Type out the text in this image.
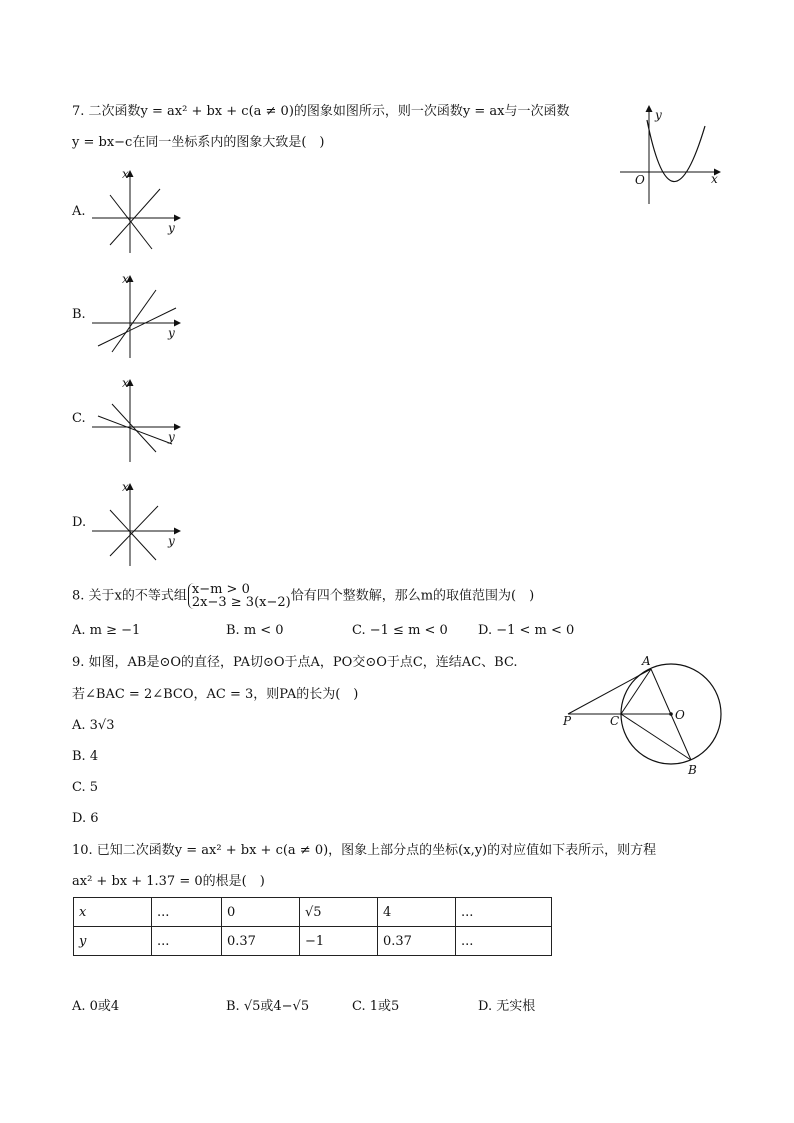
7. 二次函数y = ax² + bx + c(a ≠ 0)的图象如图所示，则一次函数y = ax与一次函数
y = bx−c在同一坐标系内的图象大致是(　)
y
O	x
A.
x
y
B.
x
y
C.
x
y
D.
x
y
8. 关于x的不等式组 x−m > 0
2x−3 ≥ 3(x−2)恰有四个整数解，那么m的取值范围为(　)
A. m ≥ −1	B. m < 0	C. −1 ≤ m < 0 D. −1 < m < 0
9. 如图，AB是⊙O的直径，PA切⊙O于点A，PO交⊙O于点C，连结AC、BC.
若∠BAC = 2∠BCO，AC = 3，则PA的长为(　)
A. 3√3
B. 4
C. 5
D. 6
A
B
C	O
P
10. 已知二次函数y = ax² + bx + c(a ≠ 0)，图象上部分点的坐标(x,y)的对应值如下表所示，则方程
ax² + bx + 1.37 = 0的根是(　)
x	...	0	√5	4	...
y	...	0.37	−1	0.37	...
A. 0或4	B. √5或4−√5	C. 1或5	D. 无实根
